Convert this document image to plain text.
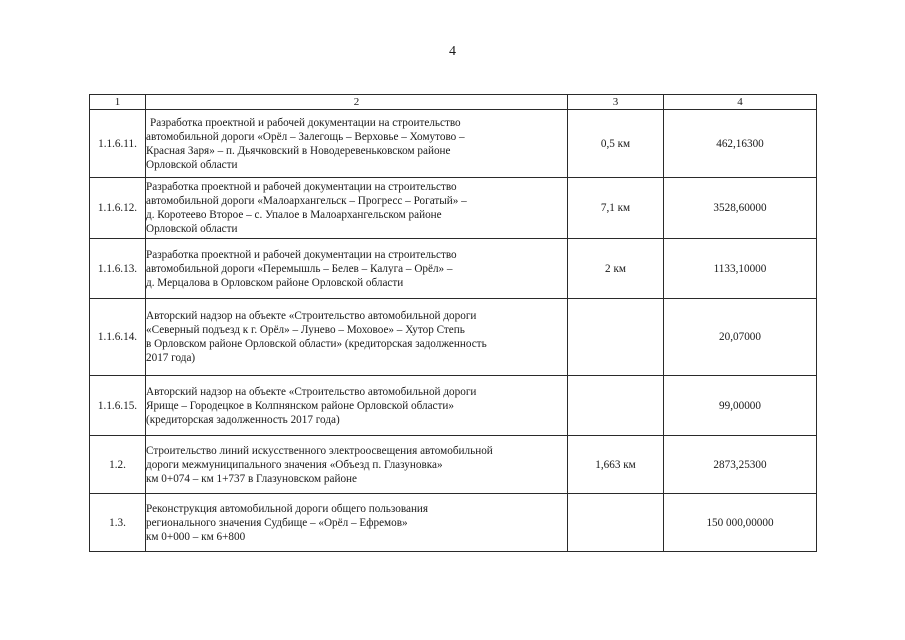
4
1	2	3	4
1.1.6.11.	Разработка проектной и рабочей документации на строительство
автомобильной дороги «Орёл – Залегощь – Верховье – Хомутово –
Красная Заря» – п. Дьячковский в Новодеревеньковском районе
Орловской области	0,5 км	462,16300
1.1.6.12.	Разработка проектной и рабочей документации на строительство
автомобильной дороги «Малоархангельск – Прогресс – Рогатый» –
д. Коротеево Второе – с. Упалое в Малоархангельском районе
Орловской области	7,1 км	3528,60000
1.1.6.13.	Разработка проектной и рабочей документации на строительство
автомобильной дороги «Перемышль – Белев – Калуга – Орёл» –
д. Мерцалова в Орловском районе Орловской области	2 км	1133,10000
1.1.6.14.	Авторский надзор на объекте «Строительство автомобильной дороги
«Северный подъезд к г. Орёл» – Лунево – Моховое» – Хутор Степь
в Орловском районе Орловской области» (кредиторская задолженность
2017 года)		20,07000
1.1.6.15.	Авторский надзор на объекте «Строительство автомобильной дороги
Ярище – Городецкое в Колпнянском районе Орловской области»
(кредиторская задолженность 2017 года)		99,00000
1.2.	Строительство линий искусственного электроосвещения автомобильной
дороги межмуниципального значения «Объезд п. Глазуновка»
км 0+074 – км 1+737 в Глазуновском районе	1,663 км	2873,25300
1.3.	Реконструкция автомобильной дороги общего пользования
регионального значения Судбище – «Орёл – Ефремов»
км 0+000 – км 6+800		150 000,00000
